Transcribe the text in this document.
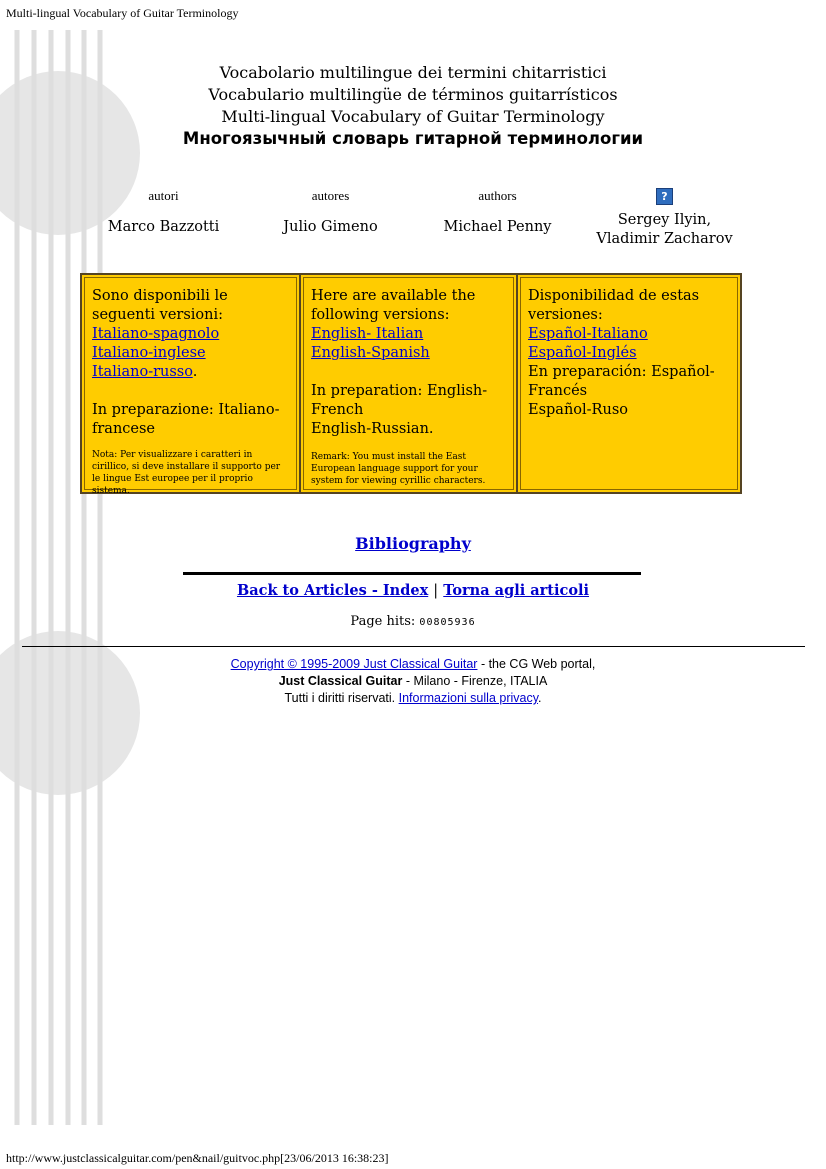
Multi-lingual Vocabulary of Guitar Terminology
Vocabolario multilingue dei termini chitarristici
Vocabulario multilingüe de términos guitarrísticos
Multi-lingual Vocabulary of Guitar Terminology
Многоязычный словарь гитарной терминологии
autori
Marco Bazzotti
autores
Julio Gimeno
authors
Michael Penny
?
Sergey Ilyin,
Vladimir Zacharov
Sono disponibili le seguenti versioni:
Italiano-spagnolo
Italiano-inglese
Italiano-russo.
In preparazione: Italiano-francese
Nota: Per visualizzare i caratteri in cirillico, si deve installare il supporto per le lingue Est europee per il proprio sistema.
Here are available the following versions:
English- Italian
English-Spanish
In preparation: English-French
English-Russian.
Remark: You must install the East European language support for your system for viewing cyrillic characters.
Disponibilidad de estas versiones:
Español-Italiano
Español-Inglés
En preparación: Español-Francés
Español-Ruso
Bibliography
Back to Articles - Index | Torna agli articoli
Page hits: 00805936
Copyright © 1995-2009 Just Classical Guitar - the CG Web portal,
Just Classical Guitar - Milano - Firenze, ITALIA
Tutti i diritti riservati. Informazioni sulla privacy.
http://www.justclassicalguitar.com/pen&nail/guitvoc.php[23/06/2013 16:38:23]
